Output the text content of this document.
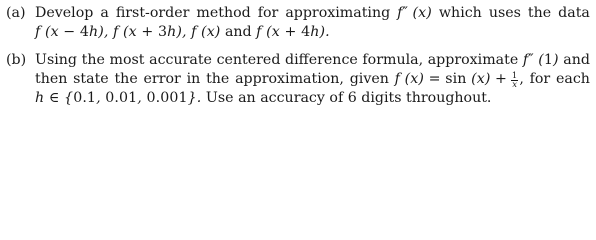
(a) Develop a first-order method for approximating f″ (x) which uses the data
f (x − 4h), f (x + 3h), f (x) and f (x + 4h).
(b) Using the most accurate centered difference formula, approximate f″ (1) and
then state the error in the approximation, given f $(x) = \sin (x) + \frac{1}{x}$ , for each
h ∈ {0.1, 0.01, 0.001}. Use an accuracy of 6 digits throughout.
